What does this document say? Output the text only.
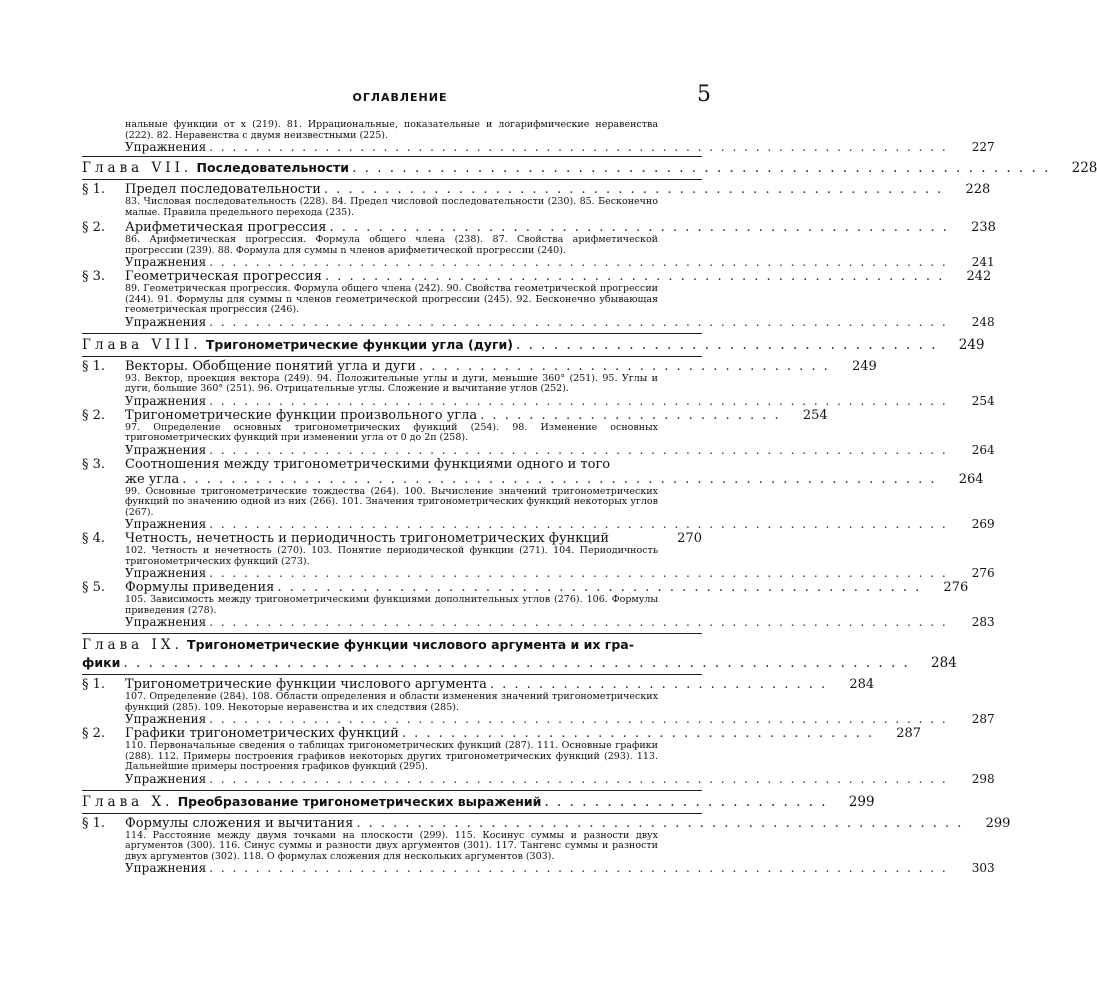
ОГЛАВЛЕНИЕ	5
нальные функции от x (219). 81. Иррациональные, показательные и логарифмические неравенства (222). 82. Неравенства с двумя неизвестными (225).
Упражнения . . . . . . . . . . . . . . . . . . . . . . . . . . . . . . . . . . . . . . . . . . . . . . . . . . . . . . . . . . . . . . . .	227
Глава VII. Последовательности . . . . . . . . . . . . . . . . . . . . . . . . . . . . . . . . . . . . . . . . . . . . . . . . . . . . . . . .	228
§ 1.	Предел последовательности . . . . . . . . . . . . . . . . . . . . . . . . . . . . . . . . . . . . . . . . . . . . . . . . . . .	228
83. Числовая последовательность (228). 84. Предел числовой последовательности (230). 85. Бесконечно малые. Правила предельного перехода (235).
§ 2.	Арифметическая прогрессия . . . . . . . . . . . . . . . . . . . . . . . . . . . . . . . . . . . . . . . . . . . . . . . . . . .	238
86. Арифметическая прогрессия. Формула общего члена (238). 87. Свойства арифметической прогрессии (239). 88. Формула для суммы n членов арифметической прогрессии (240).
Упражнения . . . . . . . . . . . . . . . . . . . . . . . . . . . . . . . . . . . . . . . . . . . . . . . . . . . . . . . . . . . . . . . .	241
§ 3.	Геометрическая прогрессия . . . . . . . . . . . . . . . . . . . . . . . . . . . . . . . . . . . . . . . . . . . . . . . . . . .	242
89. Геометрическая прогрессия. Формула общего члена (242). 90. Свойства геометрической прогрессии (244). 91. Формулы для суммы n членов геометрической прогрессии (245). 92. Бесконечно убывающая геометрическая прогрессия (246).
Упражнения . . . . . . . . . . . . . . . . . . . . . . . . . . . . . . . . . . . . . . . . . . . . . . . . . . . . . . . . . . . . . . . .	248
Глава VIII. Тригонометрические функции угла (дуги) . . . . . . . . . . . . . . . . . . . . . . . . . . . . . . . . . .	249
§ 1.	Векторы. Обобщение понятий угла и дуги . . . . . . . . . . . . . . . . . . . . . . . . . . . . . . . . . .	249
93. Вектор, проекция вектора (249). 94. Положительные углы и дуги, меньшие 360° (251). 95. Углы и дуги, большие 360° (251). 96. Отрицательные углы. Сложение и вычитание углов (252).
Упражнения . . . . . . . . . . . . . . . . . . . . . . . . . . . . . . . . . . . . . . . . . . . . . . . . . . . . . . . . . . . . . . . .	254
§ 2.	Тригонометрические функции произвольного угла . . . . . . . . . . . . . . . . . . . . . . . . .	254
97. Определение основных тригонометрических функций (254). 98. Изменение основных тригонометрических функций при изменении угла от 0 до 2π (258).
Упражнения . . . . . . . . . . . . . . . . . . . . . . . . . . . . . . . . . . . . . . . . . . . . . . . . . . . . . . . . . . . . . . . .	264
§ 3.	Соотношения между тригонометрическими функциями одного и того
же угла . . . . . . . . . . . . . . . . . . . . . . . . . . . . . . . . . . . . . . . . . . . . . . . . . . . . . . . . . . . . . .	264
99. Основные тригонометрические тождества (264). 100. Вычисление значений тригонометрических функций по значению одной из них (266). 101. Значения тригонометрических функций некоторых углов (267).
Упражнения . . . . . . . . . . . . . . . . . . . . . . . . . . . . . . . . . . . . . . . . . . . . . . . . . . . . . . . . . . . . . . . .	269
§ 4.	Четность, нечетность и периодичность тригонометрических функций	270
102. Четность и нечетность (270). 103. Понятие периодической функции (271). 104. Периодичность тригонометрических функций (273).
Упражнения . . . . . . . . . . . . . . . . . . . . . . . . . . . . . . . . . . . . . . . . . . . . . . . . . . . . . . . . . . . . . . . .	276
§ 5.	Формулы приведения . . . . . . . . . . . . . . . . . . . . . . . . . . . . . . . . . . . . . . . . . . . . . . . . . . . . .	276
105. Зависимость между тригонометрическими функциями дополнительных углов (276). 106. Формулы приведения (278).
Упражнения . . . . . . . . . . . . . . . . . . . . . . . . . . . . . . . . . . . . . . . . . . . . . . . . . . . . . . . . . . . . . . . .	283
Глава IX. Тригонометрические функции числового аргумента и их гра-
фики . . . . . . . . . . . . . . . . . . . . . . . . . . . . . . . . . . . . . . . . . . . . . . . . . . . . . . . . . . . . . . .	284
§ 1.	Тригонометрические функции числового аргумента . . . . . . . . . . . . . . . . . . . . . . . . . . . .	284
107. Определение (284). 108. Области определения и области изменения значений тригонометрических функций (285). 109. Некоторые неравенства и их следствия (285).
Упражнения . . . . . . . . . . . . . . . . . . . . . . . . . . . . . . . . . . . . . . . . . . . . . . . . . . . . . . . . . . . . . . . .	287
§ 2.	Графики тригонометрических функций . . . . . . . . . . . . . . . . . . . . . . . . . . . . . . . . . . . . . . .	287
110. Первоначальные сведения о таблицах тригонометрических функций (287). 111. Основные графики (288). 112. Примеры построения графиков некоторых других тригонометрических функций (293). 113. Дальнейшие примеры построения графиков функций (295).
Упражнения . . . . . . . . . . . . . . . . . . . . . . . . . . . . . . . . . . . . . . . . . . . . . . . . . . . . . . . . . . . . . . . .	298
Глава X. Преобразование тригонометрических выражений . . . . . . . . . . . . . . . . . . . . . . .	299
§ 1.	Формулы сложения и вычитания . . . . . . . . . . . . . . . . . . . . . . . . . . . . . . . . . . . . . . . . . . . . . . . . . .	299
114. Расстояние между двумя точками на плоскости (299). 115. Косинус суммы и разности двух аргументов (300). 116. Синус суммы и разности двух аргументов (301). 117. Тангенс суммы и разности двух аргументов (302). 118. О формулах сложения для нескольких аргументов (303).
Упражнения . . . . . . . . . . . . . . . . . . . . . . . . . . . . . . . . . . . . . . . . . . . . . . . . . . . . . . . . . . . . . . . .	303
